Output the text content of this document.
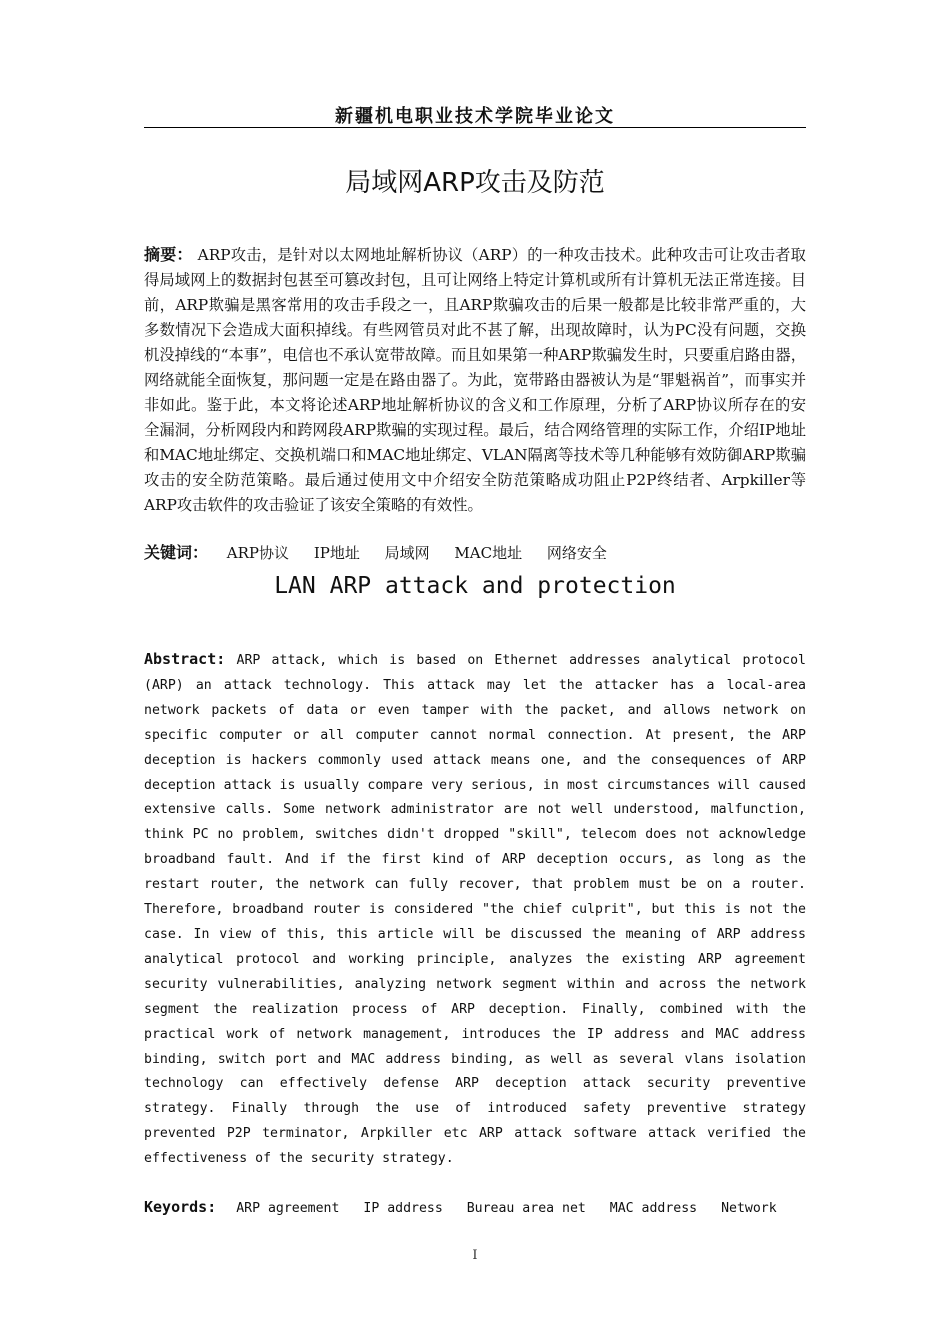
新疆机电职业技术学院毕业论文
局域网ARP攻击及防范
摘要： ARP攻击，是针对以太网地址解析协议（ARP）的一种攻击技术。此种攻击可让攻击者取得局域网上的数据封包甚至可篡改封包，且可让网络上特定计算机或所有计算机无法正常连接。目前，ARP欺骗是黑客常用的攻击手段之一，且ARP欺骗攻击的后果一般都是比较非常严重的，大多数情况下会造成大面积掉线。有些网管员对此不甚了解，出现故障时，认为PC没有问题，交换机没掉线的“本事”，电信也不承认宽带故障。而且如果第一种ARP欺骗发生时，只要重启路由器，网络就能全面恢复，那问题一定是在路由器了。为此，宽带路由器被认为是“罪魁祸首”，而事实并非如此。鉴于此，本文将论述ARP地址解析协议的含义和工作原理，分析了ARP协议所存在的安全漏洞，分析网段内和跨网段ARP欺骗的实现过程。最后，结合网络管理的实际工作，介绍IP地址和MAC地址绑定、交换机端口和MAC地址绑定、VLAN隔离等技术等几种能够有效防御ARP欺骗攻击的安全防范策略。最后通过使用文中介绍安全防范策略成功阻止P2P终结者、Arpkiller等ARP攻击软件的攻击验证了该安全策略的有效性。
关键词： ARP协议 IP地址 局域网 MAC地址 网络安全
LAN ARP attack and protection
Abstract: ARP attack, which is based on Ethernet addresses analytical protocol (ARP) an attack technology. This attack may let the attacker has a local-area network packets of data or even tamper with the packet, and allows network on specific computer or all computer cannot normal connection. At present, the ARP deception is hackers commonly used attack means one, and the consequences of ARP deception attack is usually compare very serious, in most circumstances will caused extensive calls. Some network administrator are not well understood, malfunction, think PC no problem, switches didn't dropped "skill", telecom does not acknowledge broadband fault. And if the first kind of ARP deception occurs, as long as the restart router, the network can fully recover, that problem must be on a router. Therefore, broadband router is considered "the chief culprit", but this is not the case. In view of this, this article will be discussed the meaning of ARP address analytical protocol and working principle, analyzes the existing ARP agreement security vulnerabilities, analyzing network segment within and across the network segment the realization process of ARP deception. Finally, combined with the practical work of network management, introduces the IP address and MAC address binding, switch port and MAC address binding, as well as several vlans isolation technology can effectively defense ARP deception attack security preventive strategy. Finally through the use of introduced safety preventive strategy prevented P2P terminator, Arpkiller etc ARP attack software attack verified the effectiveness of the security strategy.
Keyords: ARP agreement IP address Bureau area net MAC address Network
I
